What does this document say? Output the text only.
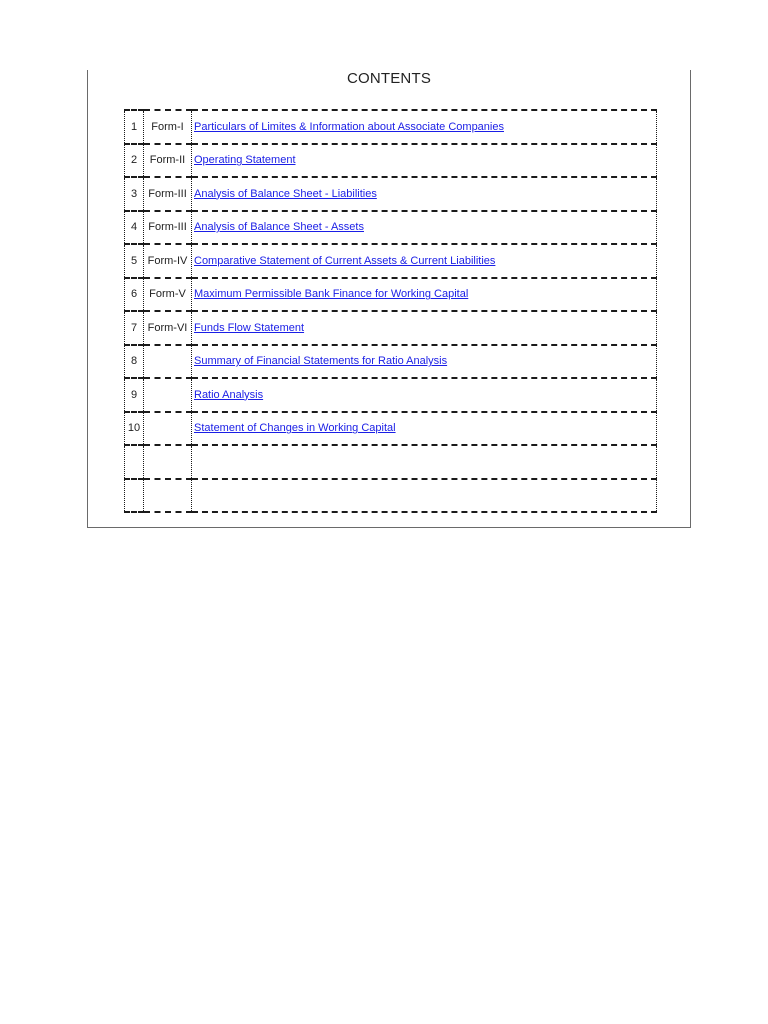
CONTENTS
1	Form-I	Particulars of Limites & Information about Associate Companies
2	Form-II	Operating Statement
3	Form-III	Analysis of Balance Sheet - Liabilities
4	Form-III	Analysis of Balance Sheet - Assets
5	Form-IV	Comparative Statement of Current Assets & Current Liabilities
6	Form-V	Maximum Permissible Bank Finance for Working Capital
7	Form-VI	Funds Flow Statement
8		Summary of Financial Statements for Ratio Analysis
9		Ratio Analysis
10		Statement of Changes in Working Capital
